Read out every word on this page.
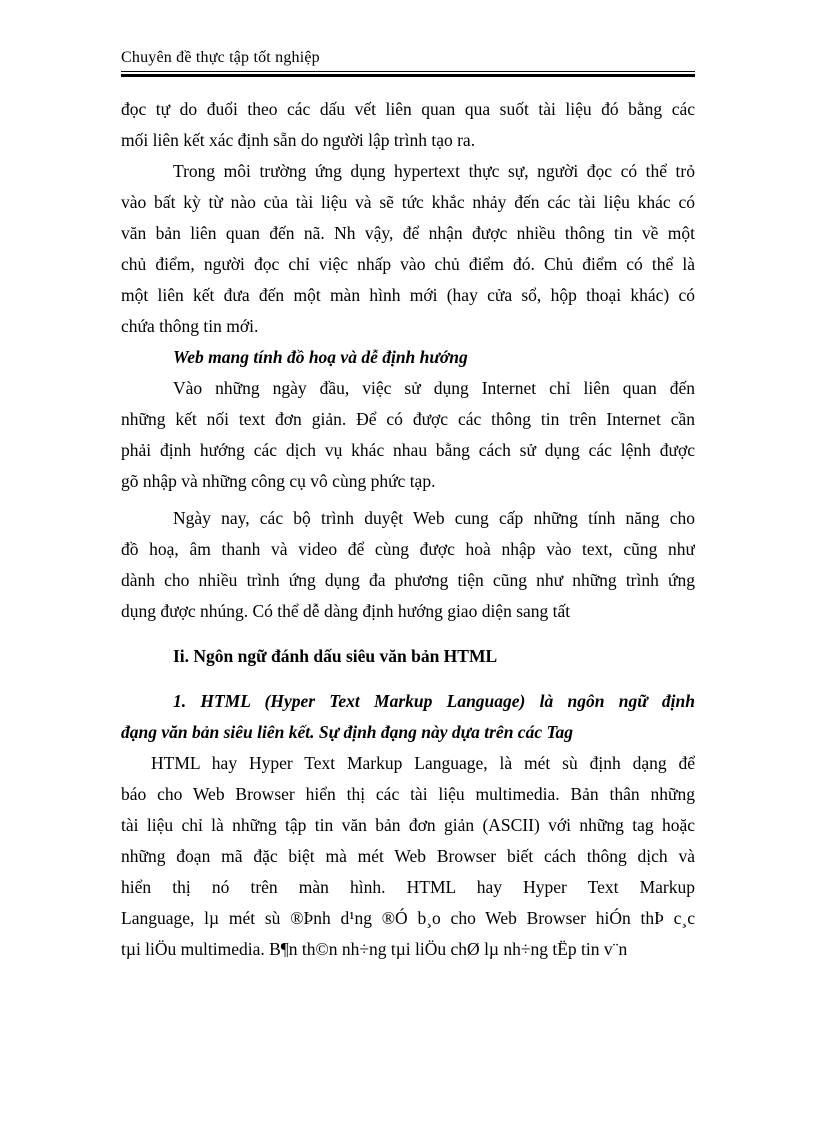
Chuyên đề thực tập tốt nghiệp
đọc tự do đuổi theo các dấu vết liên quan qua suốt tài liệu đó bằng các
mối liên kết xác định sẵn do người lập trình tạo ra.
Trong môi trường ứng dụng hypertext thực sự, người đọc có thể trỏ
vào bất kỳ từ nào của tài liệu và sẽ tức khắc nhảy đến các tài liệu khác có
văn bản liên quan đến nã. Nh vậy, để nhận được nhiều thông tin về một
chủ điểm, người đọc chỉ việc nhấp vào chủ điểm đó. Chủ điểm có thể là
một liên kết đưa đến một màn hình mới (hay cửa sổ, hộp thoại khác) có
chứa thông tin mới.
Web mang tính đồ hoạ và dễ định hướng
Vào những ngày đầu, việc sử dụng Internet chỉ liên quan đến
những kết nối text đơn giản. Để có được các thông tin trên Internet cần
phải định hướng các dịch vụ khác nhau bằng cách sử dụng các lệnh được
gõ nhập và những công cụ vô cùng phức tạp.
Ngày nay, các bộ trình duyệt Web cung cấp những tính năng cho
đồ hoạ, âm thanh và video để cùng được hoà nhập vào text, cũng như
dành cho nhiều trình ứng dụng đa phương tiện cũng như những trình ứng
dụng được nhúng. Có thể dễ dàng định hướng giao diện sang tất
Ii. Ngôn ngữ đánh dấu siêu văn bản HTML
1. HTML (Hyper Text Markup Language) là ngôn ngữ định
đạng văn bản siêu liên kết. Sự định đạng này dựa trên các Tag
HTML hay Hyper Text Markup Language, là mét sù định dạng để
báo cho Web Browser hiển thị các tài liệu multimedia. Bản thân những
tài liệu chỉ là những tập tin văn bản đơn giản (ASCII) với những tag hoặc
những đoạn mã đặc biệt mà mét Web Browser biết cách thông dịch và
hiển thị nó trên màn hình. HTML hay Hyper Text Markup
Language, lµ mét sù ®Þnh d¹ng ®Ó b¸o cho Web Browser hiÓn thÞ c¸c
tµi liÖu multimedia. B¶n th©n nh÷ng tµi liÖu chØ lµ nh÷ng tËp tin v¨n
